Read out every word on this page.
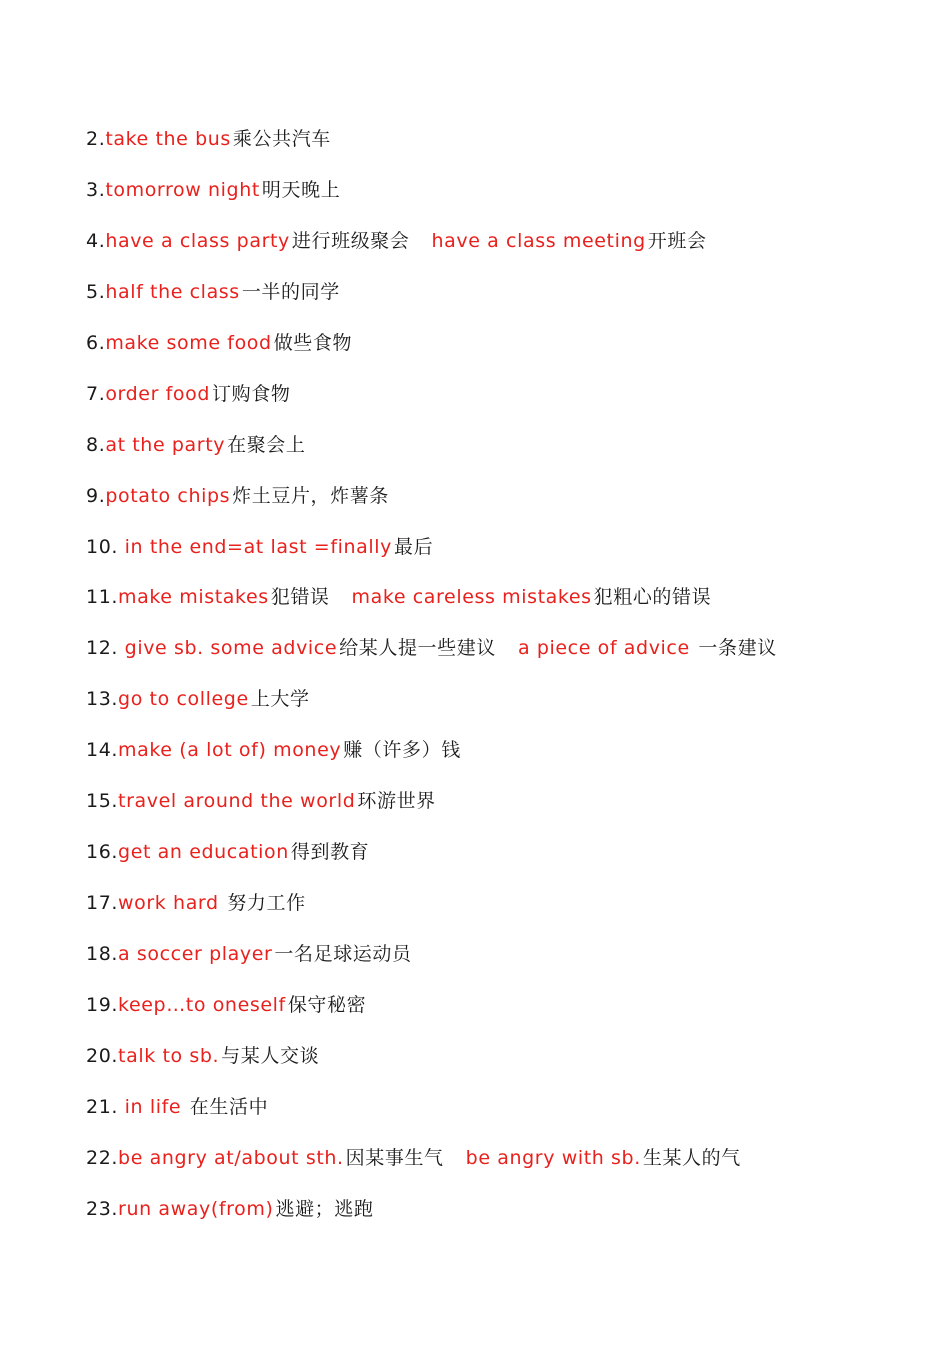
2.take the bus 乘公共汽车
3.tomorrow night 明天晚上
4.have a class party 进行班级聚会 have a class meeting 开班会
5.half the class 一半的同学
6.make some food 做些食物
7.order food 订购食物
8.at the party 在聚会上
9.potato chips 炸土豆片，炸薯条
10. in the end=at last =finally 最后
11.make mistakes 犯错误 make careless mistakes 犯粗心的错误
12. give sb. some advice 给某人提一些建议 a piece of advice 一条建议
13.go to college 上大学
14.make (a lot of) money 赚（许多）钱
15.travel around the world 环游世界
16.get an education 得到教育
17.work hard 努力工作
18.a soccer player 一名足球运动员
19.keep…to oneself 保守秘密
20.talk to sb. 与某人交谈
21. in life 在生活中
22.be angry at/about sth. 因某事生气 be angry with sb. 生某人的气
23.run away(from) 逃避；逃跑
